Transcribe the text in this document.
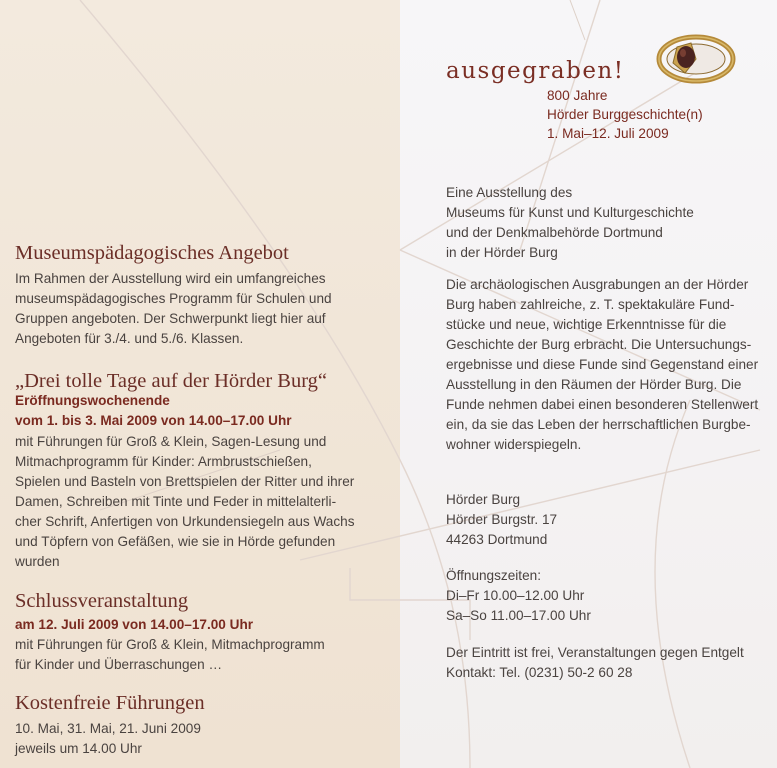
Museumspädagogisches Angebot

Im Rahmen der Ausstellung wird ein umfangreiches
museumspädagogisches Programm für Schulen und
Gruppen angeboten. Der Schwerpunkt liegt hier auf
Angeboten für 3./4. und 5./6. Klassen.

„Drei tolle Tage auf der Hörder Burg“

Eröffnungswochenende

vom 1. bis 3. Mai 2009 von 14.00–17.00 Uhr

mit Führungen für Groß & Klein, Sagen-Lesung und
Mitmachprogramm für Kinder: Armbrustschießen,
Spielen und Basteln von Brettspielen der Ritter und ihrer
Damen, Schreiben mit Tinte und Feder in mittelalterli-
cher Schrift, Anfertigen von Urkundensiegeln aus Wachs
und Töpfern von Gefäßen, wie sie in Hörde gefunden
wurden

Schlussveranstaltung

am 12. Juli 2009 von 14.00–17.00 Uhr

mit Führungen für Groß & Klein, Mitmachprogramm
für Kinder und Überraschungen …

Kostenfreie Führungen

10. Mai, 31. Mai, 21. Juni 2009
jeweils um 14.00 Uhr

ausgegraben!

800 Jahre
Hörder Burggeschichte(n)
1. Mai–12. Juli 2009

Eine Ausstellung des
Museums für Kunst und Kulturgeschichte
und der Denkmalbehörde Dortmund
in der Hörder Burg

Die archäologischen Ausgrabungen an der Hörder
Burg haben zahlreiche, z. T. spektakuläre Fund-
stücke und neue, wichtige Erkenntnisse für die
Geschichte der Burg erbracht. Die Untersuchungs-
ergebnisse und diese Funde sind Gegenstand einer
Ausstellung in den Räumen der Hörder Burg. Die
Funde nehmen dabei einen besonderen Stellenwert
ein, da sie das Leben der herrschaftlichen Burgbe-
wohner widerspiegeln.

Hörder Burg
Hörder Burgstr. 17
44263 Dortmund

Öffnungszeiten:
Di–Fr 10.00–12.00 Uhr
Sa–So 11.00–17.00 Uhr

Der Eintritt ist frei, Veranstaltungen gegen Entgelt
Kontakt: Tel. (0231) 50-2 60 28
